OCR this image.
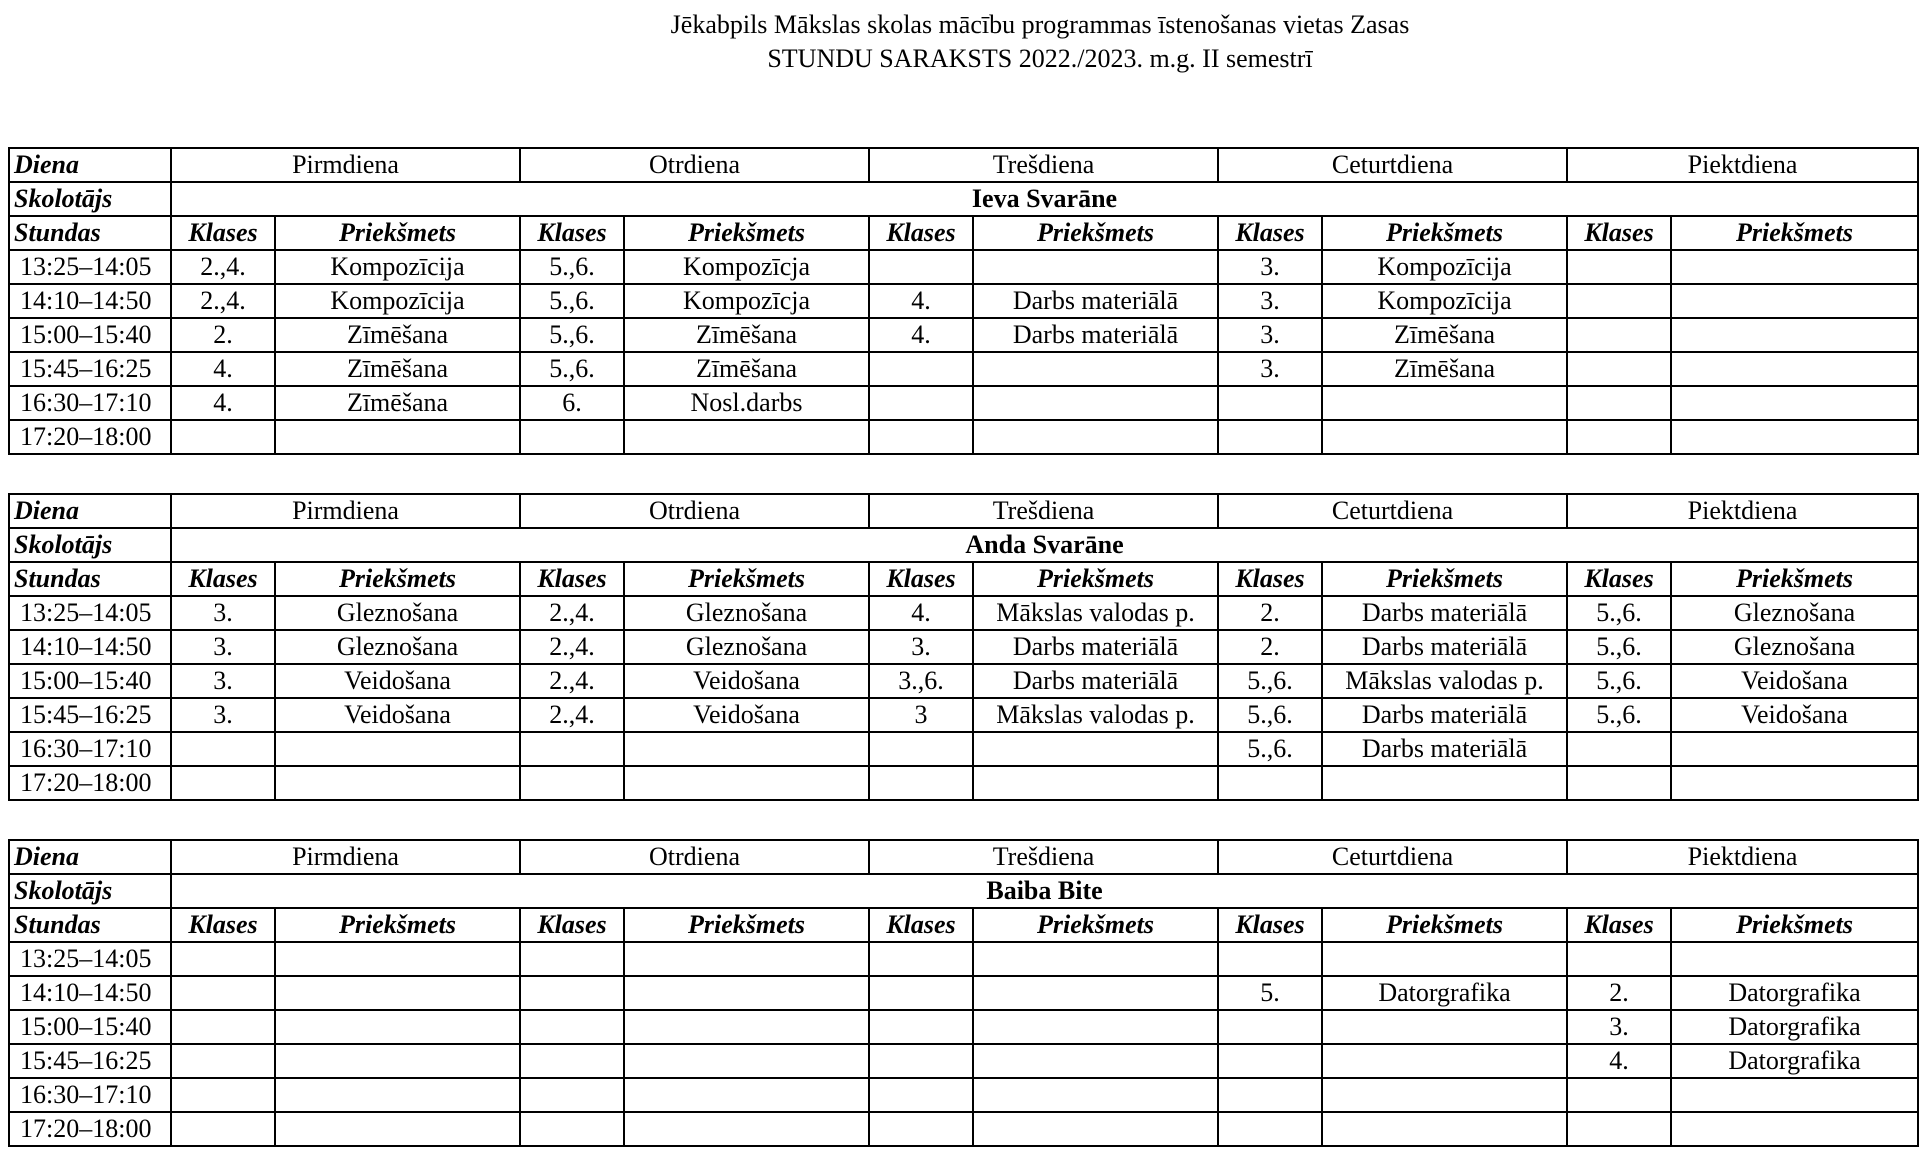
Jēkabpils Mākslas skolas mācību programmas īstenošanas vietas Zasas
STUNDU SARAKSTS 2022./2023. m.g. II semestrī
Diena	Pirmdiena		Otrdiena		Trešdiena		Ceturtdiena		Piektdiena	
Skolotājs	Ieva Svarāne									
Stundas	Klases	Priekšmets	Klases	Priekšmets	Klases	Priekšmets	Klases	Priekšmets	Klases	Priekšmets
13:25–14:05	2.,4.	Kompozīcija	5.,6.	Kompozīcja			3.	Kompozīcija		
14:10–14:50	2.,4.	Kompozīcija	5.,6.	Kompozīcja	4.	Darbs materiālā	3.	Kompozīcija		
15:00–15:40	2.	Zīmēšana	5.,6.	Zīmēšana	4.	Darbs materiālā	3.	Zīmēšana		
15:45–16:25	4.	Zīmēšana	5.,6.	Zīmēšana			3.	Zīmēšana		
16:30–17:10	4.	Zīmēšana	6.	Nosl.darbs						
17:20–18:00										
Diena	Pirmdiena		Otrdiena		Trešdiena		Ceturtdiena		Piektdiena	
Skolotājs	Anda Svarāne									
Stundas	Klases	Priekšmets	Klases	Priekšmets	Klases	Priekšmets	Klases	Priekšmets	Klases	Priekšmets
13:25–14:05	3.	Gleznošana	2.,4.	Gleznošana	4.	Mākslas valodas p.	2.	Darbs materiālā	5.,6.	Gleznošana
14:10–14:50	3.	Gleznošana	2.,4.	Gleznošana	3.	Darbs materiālā	2.	Darbs materiālā	5.,6.	Gleznošana
15:00–15:40	3.	Veidošana	2.,4.	Veidošana	3.,6.	Darbs materiālā	5.,6.	Mākslas valodas p.	5.,6.	Veidošana
15:45–16:25	3.	Veidošana	2.,4.	Veidošana	3	Mākslas valodas p.	5.,6.	Darbs materiālā	5.,6.	Veidošana
16:30–17:10							5.,6.	Darbs materiālā		
17:20–18:00										
Diena	Pirmdiena		Otrdiena		Trešdiena		Ceturtdiena		Piektdiena	
Skolotājs	Baiba Bite									
Stundas	Klases	Priekšmets	Klases	Priekšmets	Klases	Priekšmets	Klases	Priekšmets	Klases	Priekšmets
13:25–14:05										
14:10–14:50							5.	Datorgrafika	2.	Datorgrafika
15:00–15:40									3.	Datorgrafika
15:45–16:25									4.	Datorgrafika
16:30–17:10										
17:20–18:00										
